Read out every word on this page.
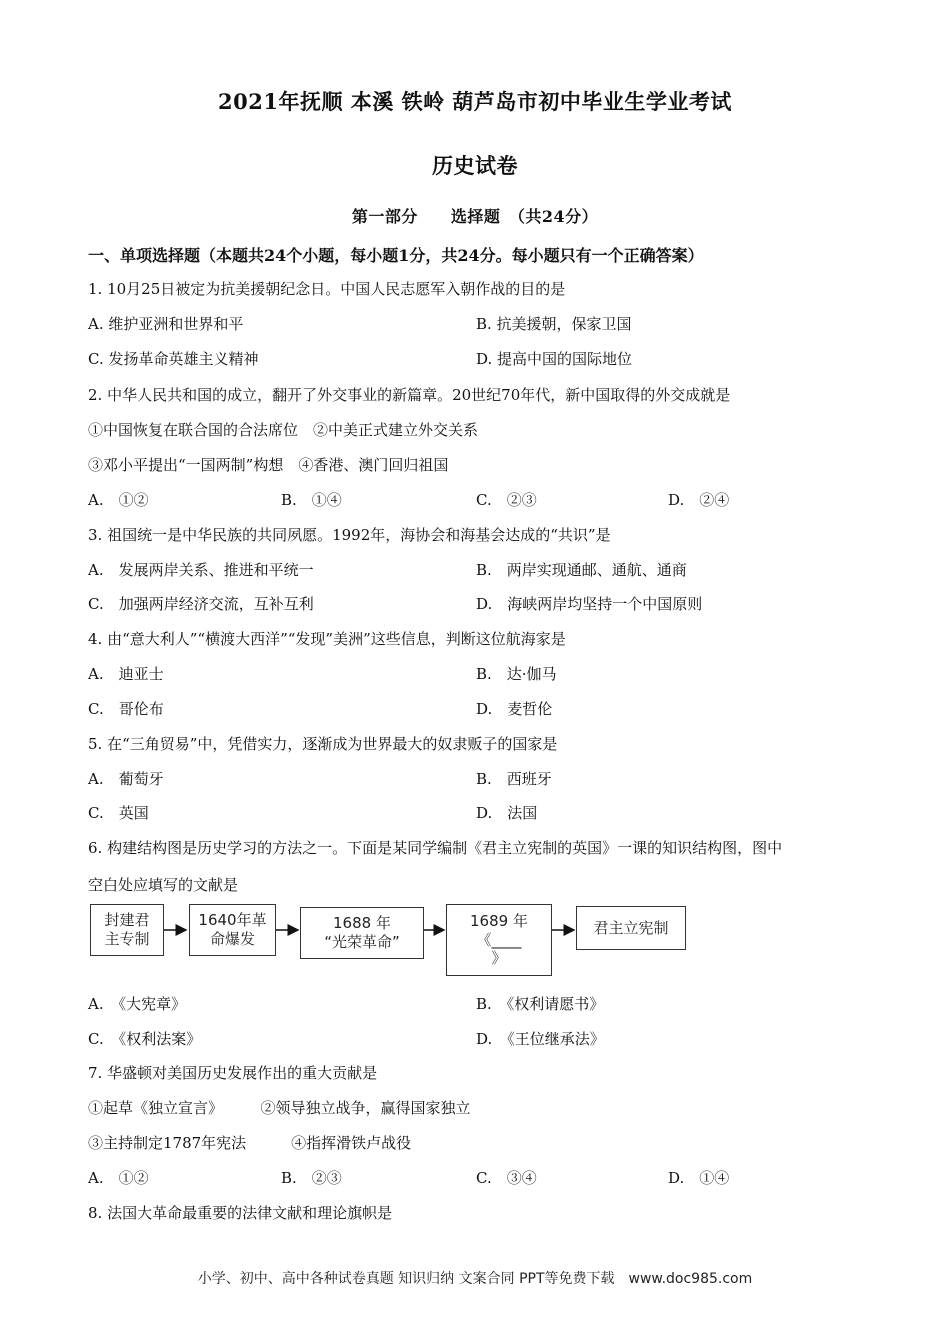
2021年抚顺 本溪 铁岭 葫芦岛市初中毕业生学业考试
历史试卷
第一部分　　选择题　（共24分）
一、单项选择题（本题共24个小题，每小题1分，共24分。每小题只有一个正确答案）
1. 10月25日被定为抗美援朝纪念日。中国人民志愿军入朝作战的目的是
A. 维护亚洲和世界和平	B. 抗美援朝，保家卫国
C. 发扬革命英雄主义精神	D. 提高中国的国际地位
2. 中华人民共和国的成立，翻开了外交事业的新篇章。20世纪70年代，新中国取得的外交成就是
①中国恢复在联合国的合法席位　②中美正式建立外交关系
③邓小平提出“一国两制”构想　④香港、澳门回归祖国
A.　①②	B.　①④	C.　②③	D.　②④
3. 祖国统一是中华民族的共同夙愿。1992年，海协会和海基会达成的“共识”是
A.　发展两岸关系、推进和平统一	B.　两岸实现通邮、通航、通商
C.　加强两岸经济交流，互补互利	D.　海峡两岸均坚持一个中国原则
4. 由“意大利人”“横渡大西洋”“发现”美洲”这些信息，判断这位航海家是
A.　迪亚士	B.　达·伽马
C.　哥伦布	D.　麦哲伦
5. 在“三角贸易”中，凭借实力，逐渐成为世界最大的奴隶贩子的国家是
A.　葡萄牙	B.　西班牙
C.　英国	D.　法国
6. 构建结构图是历史学习的方法之一。下面是某同学编制《君主立宪制的英国》一课的知识结构图，图中
空白处应填写的文献是
封建君
主专制
1640年革
命爆发
1688 年
“光荣革命”
1689 年
《____
》
君主立宪制
A.　《大宪章》	B.　《权利请愿书》
C.　《权利法案》	D.　《王位继承法》
7. 华盛顿对美国历史发展作出的重大贡献是
①起草《独立宣言》　　　②领导独立战争，赢得国家独立
③主持制定1787年宪法　　　④指挥滑铁卢战役
A.　①②	B.　②③	C.　③④	D.　①④
8. 法国大革命最重要的法律文献和理论旗帜是
小学、初中、高中各种试卷真题 知识归纳 文案合同 PPT等免费下载　www.doc985.com
